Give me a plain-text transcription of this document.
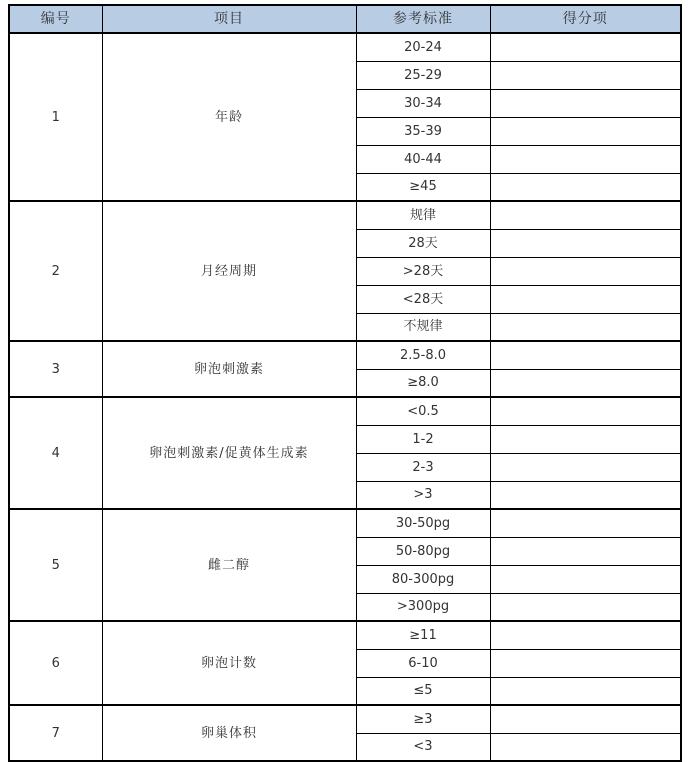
编号	项目	参考标准	得分项
1	年龄	20-24	
		25-29	
		30-34	
		35-39	
		40-44	
		≥45	
2	月经周期	规律	
		28天	
		>28天	
		<28天	
		不规律	
3	卵泡刺激素	2.5-8.0	
		≥8.0	
4	卵泡刺激素/促黄体生成素	<0.5	
		1-2	
		2-3	
		>3	
5	雌二醇	30-50pg	
		50-80pg	
		80-300pg	
		>300pg	
6	卵泡计数	≥11	
		6-10	
		≤5	
7	卵巢体积	≥3	
		<3	
